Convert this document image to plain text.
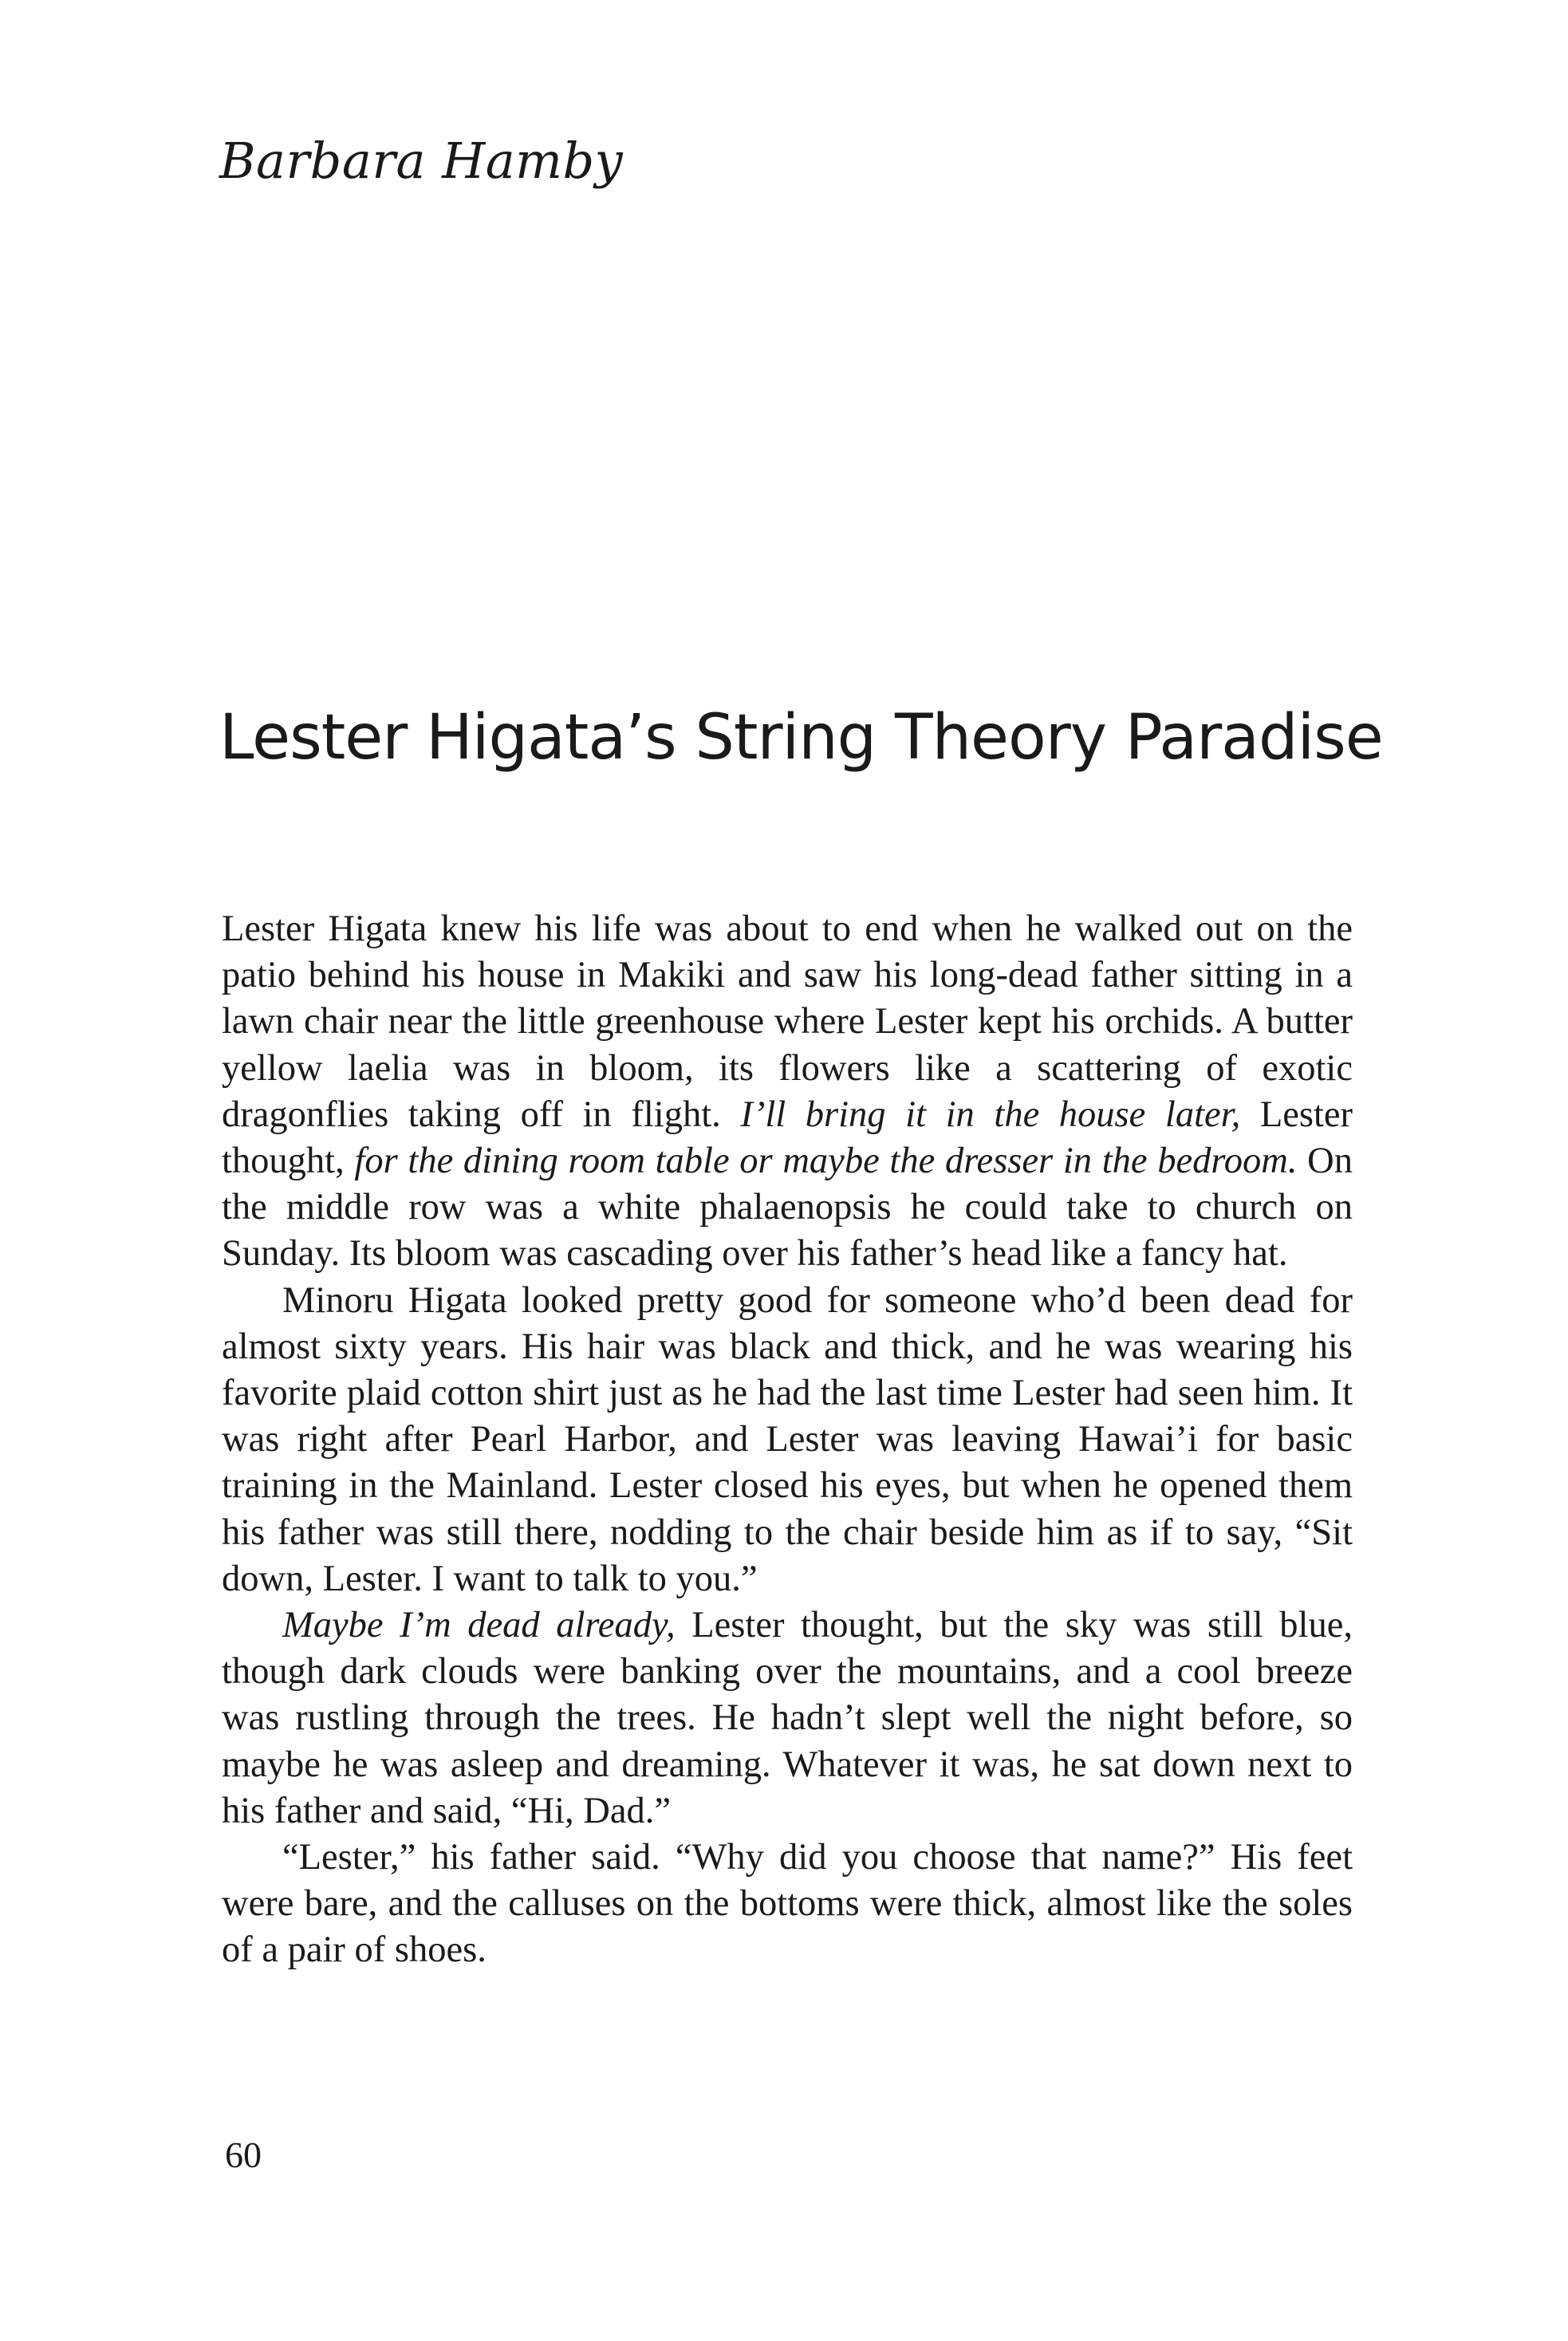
Barbara Hamby
Lester Higata’s String Theory Paradise

Lester Higata knew his life was about to end when he walked out on the patio behind his house in Makiki and saw his long-dead father sitting in a lawn chair near the little greenhouse where Lester kept his orchids. A butter yellow laelia was in bloom, its flowers like a scattering of exotic dragonflies taking off in flight. I’ll bring it in the house later, Lester thought, for the dining room table or maybe the dresser in the bedroom. On the middle row was a white phalaenopsis he could take to church on Sunday. Its bloom was cascading over his father’s head like a fancy hat.

Minoru Higata looked pretty good for someone who’d been dead for almost sixty years. His hair was black and thick, and he was wearing his favorite plaid cotton shirt just as he had the last time Lester had seen him. It was right after Pearl Harbor, and Lester was leaving Hawai’i for basic training in the Mainland. Lester closed his eyes, but when he opened them his father was still there, nodding to the chair beside him as if to say, “Sit down, Lester. I want to talk to you.”

Maybe I’m dead already, Lester thought, but the sky was still blue, though dark clouds were banking over the mountains, and a cool breeze was rustling through the trees. He hadn’t slept well the night before, so maybe he was asleep and dreaming. Whatever it was, he sat down next to his father and said, “Hi, Dad.”

“Lester,” his father said. “Why did you choose that name?” His feet were bare, and the calluses on the bottoms were thick, almost like the soles of a pair of shoes.

60
